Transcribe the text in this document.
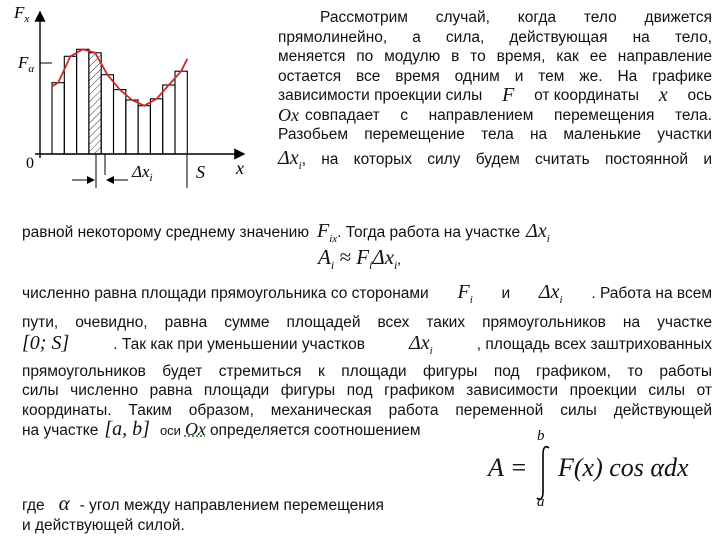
$F_x$
$F_\alpha$
0	S x
$\Delta x_i$
Рассмотрим случай, когда тело движется
прямолинейно, а сила, действующая на тело,
меняется по модулю в то время, как ее направление
остается все время одним и тем же. На графике
зависимости проекции силы F от координаты x ось
Ox совпадает с направлением перемещения тела.
Разобьем перемещение тела на маленькие участки
$\Delta x_i$ , на которых силу будем считать постоянной и
равной некоторому среднему значению $F_{ix}$ . Тогда работа на участке $\Delta x_i$
$A_i \approx F_i\Delta x_i$,
численно равна площади прямоугольника со сторонами $F_i$ и $\Delta x_i$ . Работа на всем
пути, очевидно, равна сумме площадей всех таких прямоугольников на участке
[0; S]	. Так как при уменьшении участков $\Delta x_i$	, площадь всех заштрихованных
прямоугольников будет стремиться к площади фигуры под графиком, то работы
силы численно равна площади фигуры под графиком зависимости проекции силы от
координаты. Таким образом, механическая работа переменной силы действующей
на участке [a, b] оси Ox определяется соотношением	b
A = F(x) cos αdx
a
где α - угол между направлением перемещения
и действующей силой.
